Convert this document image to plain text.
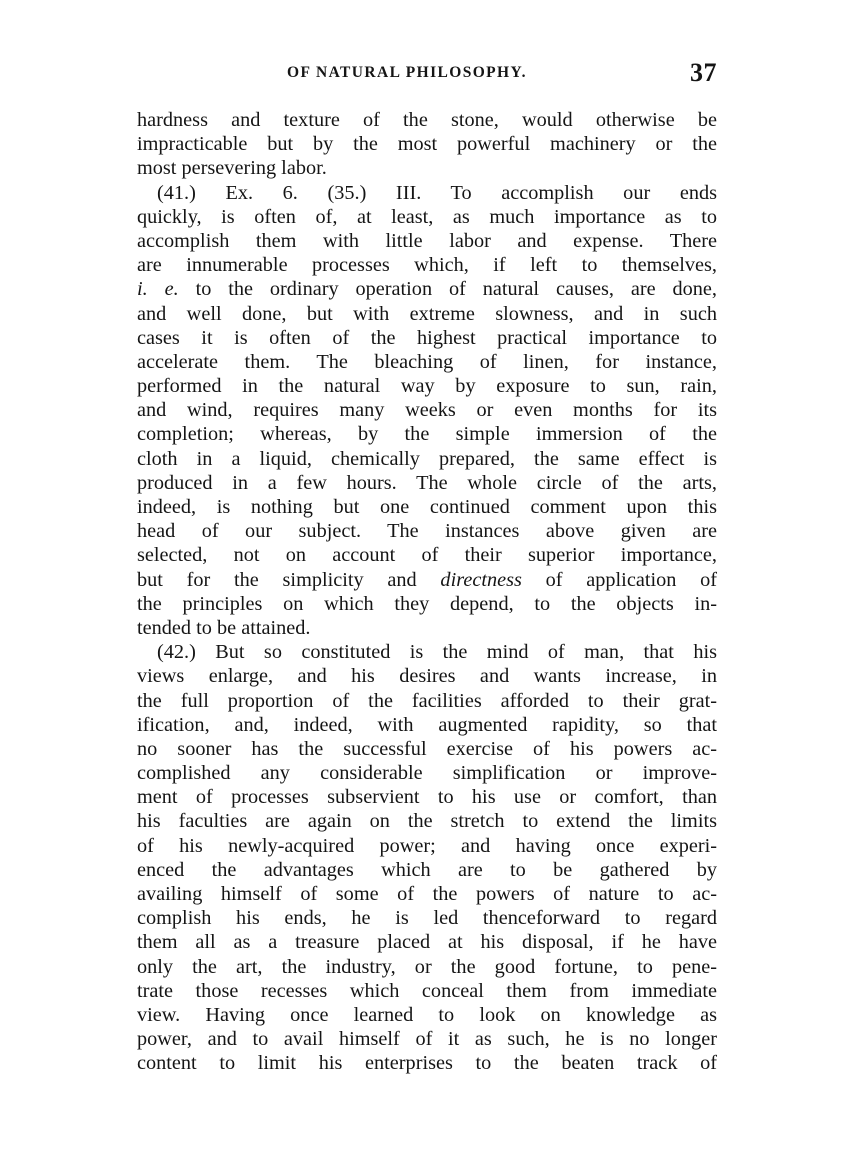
OF NATURAL PHILOSOPHY.	37
hardness and texture of the stone, would otherwise be
impracticable but by the most powerful machinery or the
most persevering labor.
(41.) Ex. 6. (35.) III. To accomplish our ends
quickly, is often of, at least, as much importance as to
accomplish them with little labor and expense. There
are innumerable processes which, if left to themselves,
i. e. to the ordinary operation of natural causes, are done,
and well done, but with extreme slowness, and in such
cases it is often of the highest practical importance to
accelerate them. The bleaching of linen, for instance,
performed in the natural way by exposure to sun, rain,
and wind, requires many weeks or even months for its
completion; whereas, by the simple immersion of the
cloth in a liquid, chemically prepared, the same effect is
produced in a few hours. The whole circle of the arts,
indeed, is nothing but one continued comment upon this
head of our subject. The instances above given are
selected, not on account of their superior importance,
but for the simplicity and directness of application of
the principles on which they depend, to the objects in-
tended to be attained.
(42.) But so constituted is the mind of man, that his
views enlarge, and his desires and wants increase, in
the full proportion of the facilities afforded to their grat-
ification, and, indeed, with augmented rapidity, so that
no sooner has the successful exercise of his powers ac-
complished any considerable simplification or improve-
ment of processes subservient to his use or comfort, than
his faculties are again on the stretch to extend the limits
of his newly-acquired power; and having once experi-
enced the advantages which are to be gathered by
availing himself of some of the powers of nature to ac-
complish his ends, he is led thenceforward to regard
them all as a treasure placed at his disposal, if he have
only the art, the industry, or the good fortune, to pene-
trate those recesses which conceal them from immediate
view. Having once learned to look on knowledge as
power, and to avail himself of it as such, he is no longer
content to limit his enterprises to the beaten track of
